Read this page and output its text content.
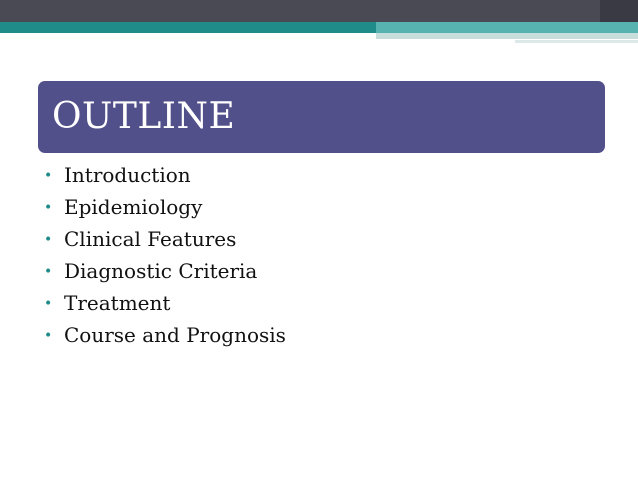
OUTLINE
• Introduction
• Epidemiology
• Clinical Features
• Diagnostic Criteria
• Treatment
• Course and Prognosis
